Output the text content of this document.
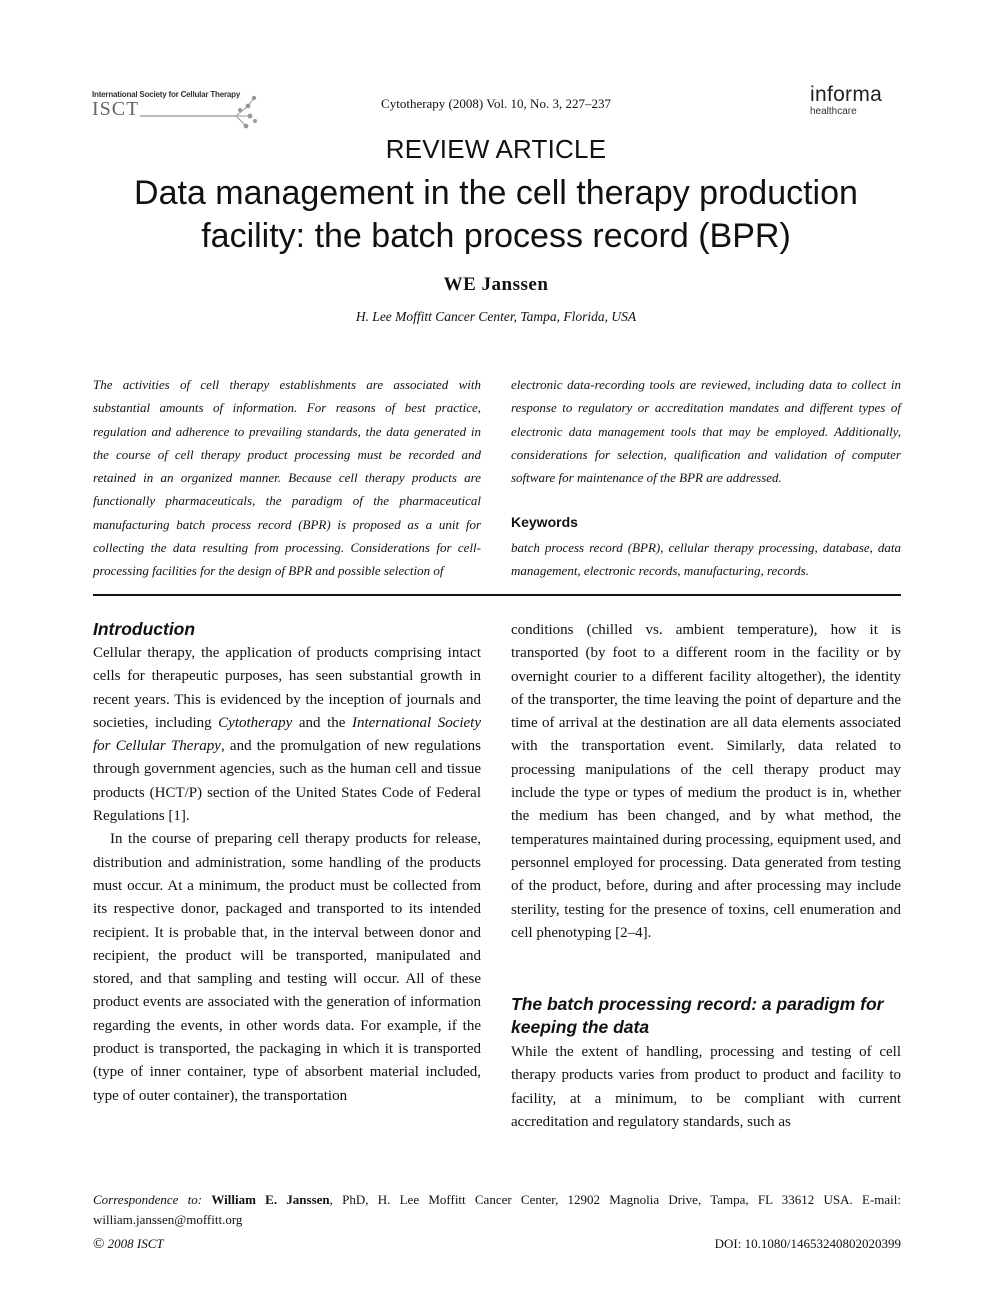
International Society for Cellular Therapy
ISCT	Cytotherapy (2008) Vol. 10, No. 3, 227–237	informa
healthcare
REVIEW ARTICLE
Data management in the cell therapy production
facility: the batch process record (BPR)
WE Janssen
H. Lee Moffitt Cancer Center, Tampa, Florida, USA
The activities of cell therapy establishments are associated with substantial amounts of information. For reasons of best practice, regulation and adherence to prevailing standards, the data generated in the course of cell therapy product processing must be recorded and retained in an organized manner. Because cell therapy products are functionally pharmaceuticals, the paradigm of the pharmaceutical manufacturing batch process record (BPR) is proposed as a unit for collecting the data resulting from processing. Considerations for cell-processing facilities for the design of BPR and possible selection of
electronic data-recording tools are reviewed, including data to collect in response to regulatory or accreditation mandates and different types of electronic data management tools that may be employed. Additionally, considerations for selection, qualification and validation of computer software for maintenance of the BPR are addressed.
Keywords
batch process record (BPR), cellular therapy processing, database, data management, electronic records, manufacturing, records.
Introduction

Cellular therapy, the application of products comprising intact cells for therapeutic purposes, has seen substantial growth in recent years. This is evidenced by the inception of journals and societies, including Cytotherapy and the International Society for Cellular Therapy, and the promulgation of new regulations through government agencies, such as the human cell and tissue products (HCT/P) section of the United States Code of Federal Regulations [1].

In the course of preparing cell therapy products for release, distribution and administration, some handling of the products must occur. At a minimum, the product must be collected from its respective donor, packaged and transported to its intended recipient. It is probable that, in the interval between donor and recipient, the product will be transported, manipulated and stored, and that sampling and testing will occur. All of these product events are associated with the generation of information regarding the events, in other words data. For example, if the product is transported, the packaging in which it is transported (type of inner container, type of absorbent material included, type of outer container), the transportation

conditions (chilled vs. ambient temperature), how it is transported (by foot to a different room in the facility or by overnight courier to a different facility altogether), the identity of the transporter, the time leaving the point of departure and the time of arrival at the destination are all data elements associated with the transportation event. Similarly, data related to processing manipulations of the cell therapy product may include the type or types of medium the product is in, whether the medium has been changed, and by what method, the temperatures maintained during processing, equipment used, and personnel employed for processing. Data generated from testing of the product, before, during and after processing may include sterility, testing for the presence of toxins, cell enumeration and cell phenotyping [2–4].

The batch processing record: a paradigm for keeping the data

While the extent of handling, processing and testing of cell therapy products varies from product to product and facility to facility, at a minimum, to be compliant with current accreditation and regulatory standards, such as

Correspondence to: William E. Janssen, PhD, H. Lee Moffitt Cancer Center, 12902 Magnolia Drive, Tampa, FL 33612 USA. E-mail: william.janssen@moffitt.org
© 2008 ISCT	DOI: 10.1080/14653240802020399
